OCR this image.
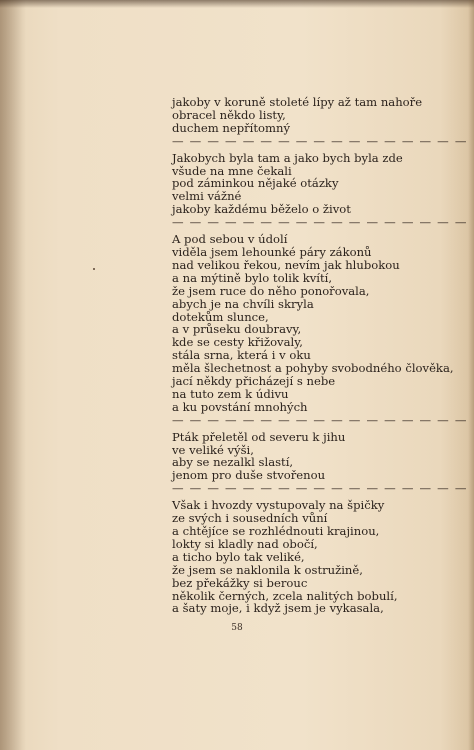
jakoby v koruně stoleté lípy až tam nahoře
obracel někdo listy,
duchem nepřítomný
— — — — — — — — — — — — — — — — —
Jakobych byla tam a jako bych byla zde
všude na mne čekali
pod záminkou nějaké otázky
velmi vážné
jakoby každému běželo o život
— — — — — — — — — — — — — — — — —
A pod sebou v údolí
viděla jsem lehounké páry zákonů
nad velikou řekou, nevím jak hlubokou
a na mýtině bylo tolik kvítí,
že jsem ruce do něho ponořovala,
abych je na chvíli skryla
dotekům slunce,
a v průseku doubravy,
kde se cesty křižovaly,
stála srna, která i v oku
měla šlechetnost a pohyby svobodného člověka,
jací někdy přicházejí s nebe
na tuto zem k údivu
a ku povstání mnohých
— — — — — — — — — — — — — — — — —
Pták přeletěl od severu k jihu
ve veliké výši,
aby se nezalkl slastí,
jenom pro duše stvořenou
— — — — — — — — — — — — — — — — —
Však i hvozdy vystupovaly na špičky
ze svých i sousedních vůní
a chtějíce se rozhlédnouti krajinou,
lokty si kladly nad obočí,
a ticho bylo tak veliké,
že jsem se naklonila k ostružině,
bez překážky si berouc
několik černých, zcela nalitých bobulí,
a šaty moje, i když jsem je vykasala,
58
